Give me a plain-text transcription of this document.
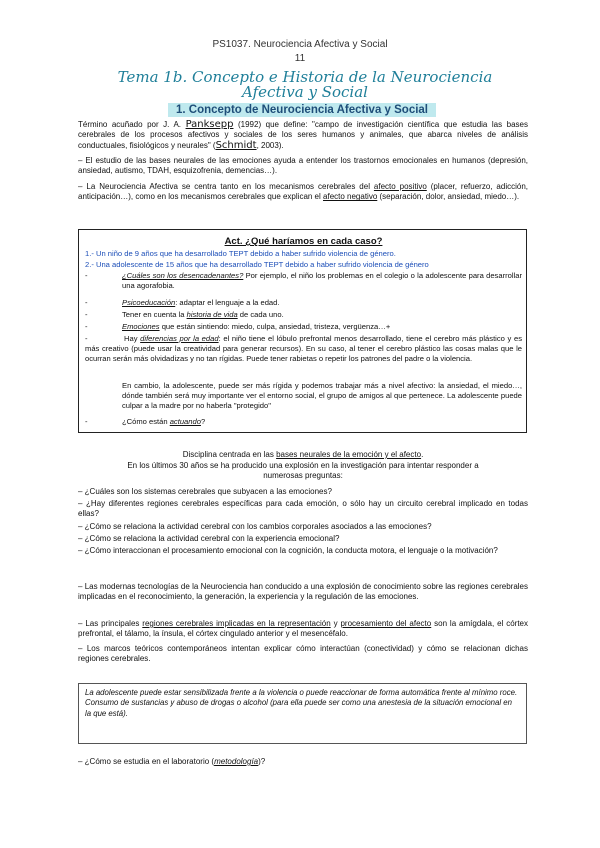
PS1037. Neurociencia Afectiva y Social
11
Tema 1b. Concepto e Historia de la Neurociencia Afectiva y Social
1. Concepto de Neurociencia Afectiva y Social
Término acuñado por J. A. Panksepp (1992) que define: "campo de investigación científica que estudia las bases cerebrales de los procesos afectivos y sociales de los seres humanos y animales, que abarca niveles de análisis conductuales, fisiológicos y neurales" (Schmidt, 2003).
– El estudio de las bases neurales de las emociones ayuda a entender los trastornos emocionales en humanos (depresión, ansiedad, autismo, TDAH, esquizofrenia, demencias…).
– La Neurociencia Afectiva se centra tanto en los mecanismos cerebrales del afecto positivo (placer, refuerzo, adicción, anticipación…), como en los mecanismos cerebrales que explican el afecto negativo (separación, dolor, ansiedad, miedo…).
Act. ¿Qué haríamos en cada caso?
1.- Un niño de 9 años que ha desarrollado TEPT debido a haber sufrido violencia de género.
2.- Una adolescente de 15 años que ha desarrollado TEPT debido a haber sufrido violencia de género
-	¿Cuáles son los desencadenantes? Por ejemplo, el niño los problemas en el colegio o la adolescente para desarrollar una agorafobia.
-	Psicoeducación: adaptar el lenguaje a la edad.
-	Tener en cuenta la historia de vida de cada uno.
-	Emociones que están sintiendo: miedo, culpa, ansiedad, tristeza, vergüenza…+
-	Hay diferencias por la edad: el niño tiene el lóbulo prefrontal menos desarrollado, tiene el cerebro más plástico y es más creativo (puede usar la creatividad para generar recursos). En su caso, al tener el cerebro plástico las cosas malas que le ocurran serán más olvidadizas y no tan rígidas. Puede tener rabietas o repetir los patrones del padre o la violencia.
En cambio, la adolescente, puede ser más rígida y podemos trabajar más a nivel afectivo: la ansiedad, el miedo…, dónde también será muy importante ver el entorno social, el grupo de amigos al que pertenece. La adolescente puede culpar a la madre por no haberla "protegido"
-	¿Cómo están actuando?
Disciplina centrada en las bases neurales de la emoción y el afecto.
En los últimos 30 años se ha producido una explosión en la investigación para intentar responder a numerosas preguntas:
– ¿Cuáles son los sistemas cerebrales que subyacen a las emociones?
– ¿Hay diferentes regiones cerebrales específicas para cada emoción, o sólo hay un circuito cerebral implicado en todas ellas?
– ¿Cómo se relaciona la actividad cerebral con los cambios corporales asociados a las emociones?
– ¿Cómo se relaciona la actividad cerebral con la experiencia emocional?
– ¿Cómo interaccionan el procesamiento emocional con la cognición, la conducta motora, el lenguaje o la motivación?
– Las modernas tecnologías de la Neurociencia han conducido a una explosión de conocimiento sobre las regiones cerebrales implicadas en el reconocimiento, la generación, la experiencia y la regulación de las emociones.
– Las principales regiones cerebrales implicadas en la representación y procesamiento del afecto son la amígdala, el córtex prefrontal, el tálamo, la ínsula, el córtex cingulado anterior y el mesencéfalo.
– Los marcos teóricos contemporáneos intentan explicar cómo interactúan (conectividad) y cómo se relacionan dichas regiones cerebrales.
La adolescente puede estar sensibilizada frente a la violencia o puede reaccionar de forma automática frente al mínimo roce.
Consumo de sustancias y abuso de drogas o alcohol (para ella puede ser como una anestesia de la situación emocional en la que está).
– ¿Cómo se estudia en el laboratorio (metodología)?
